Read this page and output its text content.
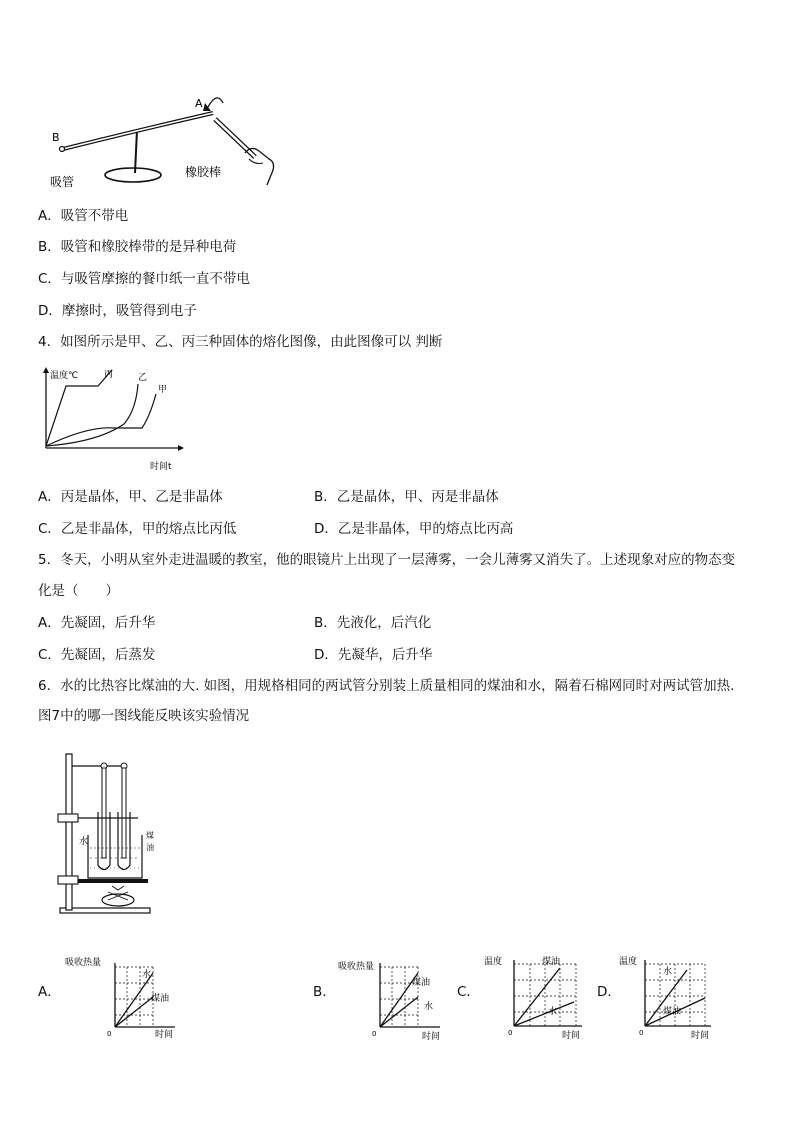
A
B
吸管
橡胶棒
A．吸管不带电
B．吸管和橡胶棒带的是异种电荷
C．与吸管摩擦的餐巾纸一直不带电
D．摩擦时，吸管得到电子
4．如图所示是甲、乙、丙三种固体的熔化图像，由此图像可以 判断
温度℃	丙	乙
甲
时间t
A．丙是晶体，甲、乙是非晶体	B．乙是晶体，甲、丙是非晶体
C．乙是非晶体，甲的熔点比丙低	D．乙是非晶体，甲的熔点比丙高
5．冬天，小明从室外走进温暖的教室，他的眼镜片上出现了一层薄雾，一会儿薄雾又消失了。上述现象对应的物态变
化是（　　）
A．先凝固，后升华	B．先液化，后汽化
C．先凝固，后蒸发	D．先凝华，后升华
6．水的比热容比煤油的大. 如图，用规格相同的两试管分别装上质量相同的煤油和水，隔着石棉网同时对两试管加热.
图7中的哪一图线能反映该实验情况
水
煤
油
A．
吸收热量
水
煤油
0	时间
B．
吸收热量
煤油
水
0	时间
C．
温度	煤油
水
0	时间
D．
温度
水
煤油
0	时间
